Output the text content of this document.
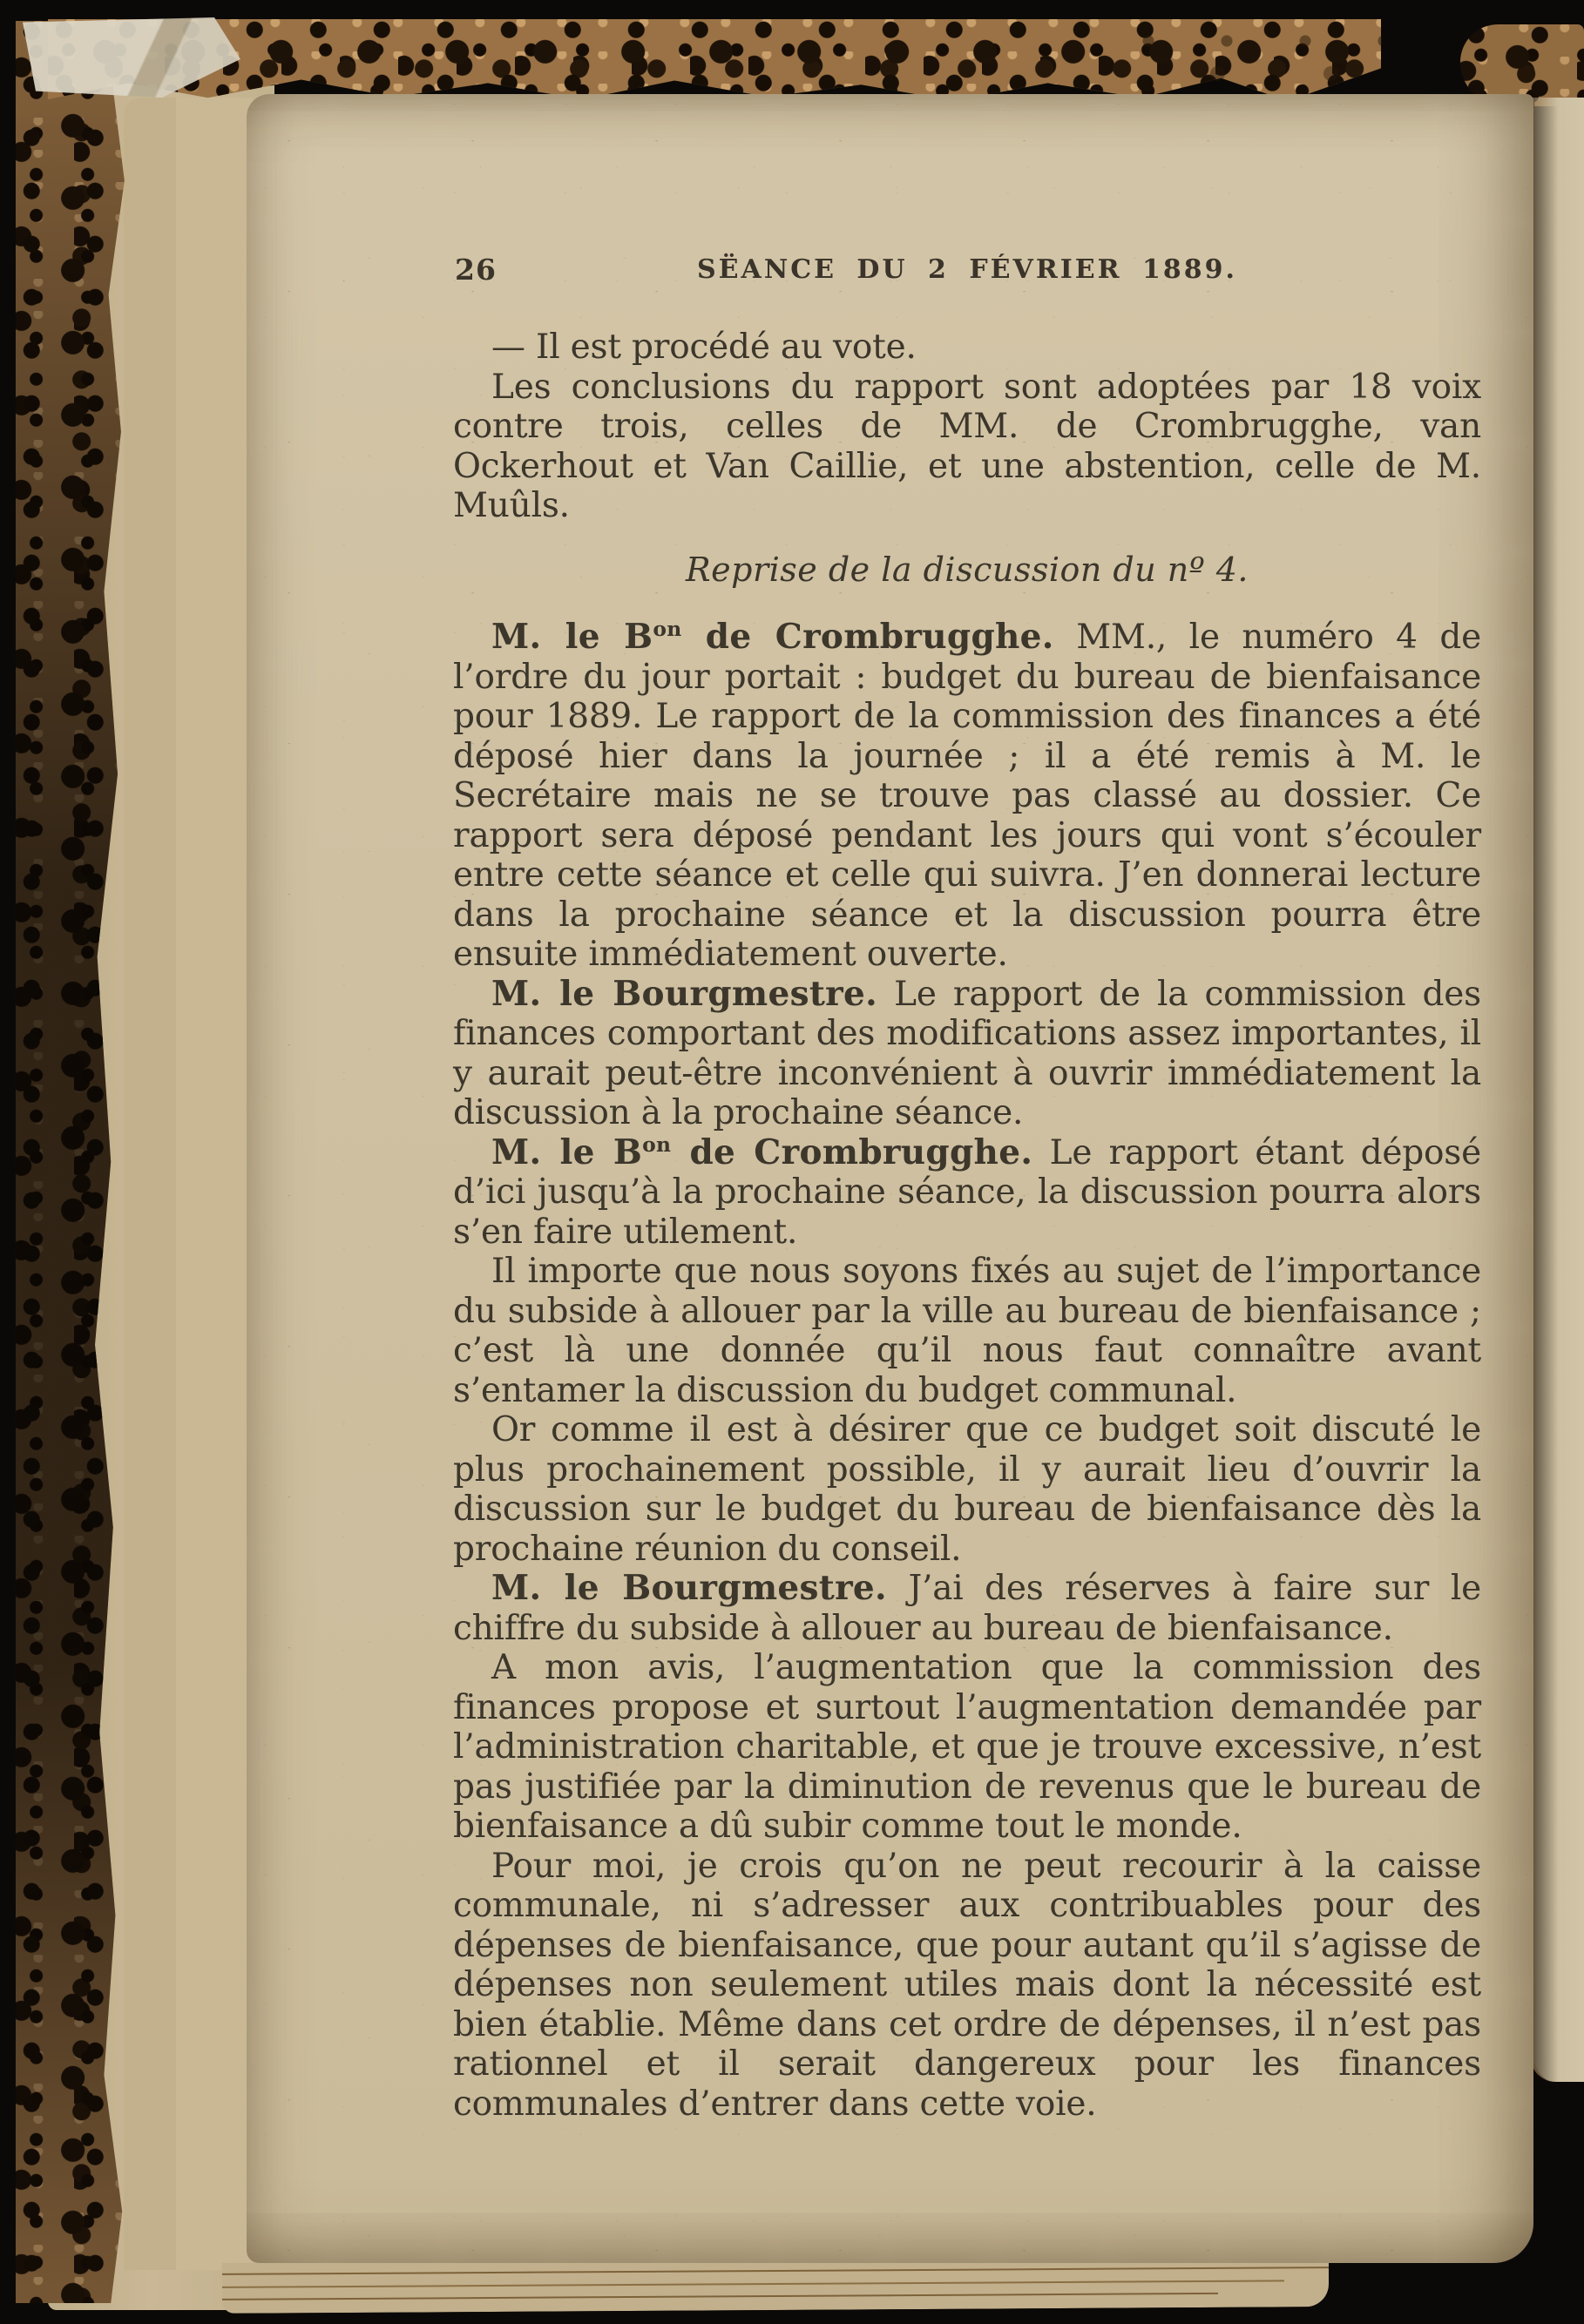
26	SËANCE DU 2 FÉVRIER 1889.

— Il est procédé au vote.

Les conclusions du rapport sont adoptées par 18 voix contre trois, celles de MM. de Crombrugghe, van Ockerhout et Van Caillie, et une abstention, celle de M. Muûls.

Reprise de la discussion du nº 4.

M. le $B^{on}$ de Crombrugghe. MM., le numéro 4 de l’ordre du jour portait : budget du bureau de bienfaisance pour 1889. Le rapport de la commission des finances a été déposé hier dans la journée ; il a été remis à M. le Secrétaire mais ne se trouve pas classé au dossier. Ce rapport sera déposé pendant les jours qui vont s’écouler entre cette séance et celle qui suivra. J’en donnerai lecture dans la prochaine séance et la discussion pourra être ensuite immédiatement ouverte.

M. le Bourgmestre. Le rapport de la commission des finances comportant des modifications assez importantes, il y aurait peut-être inconvénient à ouvrir immédiatement la discussion à la prochaine séance.

M. le $B^{on}$ de Crombrugghe. Le rapport étant déposé d’ici jusqu’à la prochaine séance, la discussion pourra alors s’en faire utilement.

Il importe que nous soyons fixés au sujet de l’importance du subside à allouer par la ville au bureau de bienfaisance ; c’est là une donnée qu’il nous faut connaître avant s’entamer la discussion du budget communal.

Or comme il est à désirer que ce budget soit discuté le plus prochainement possible, il y aurait lieu d’ouvrir la discussion sur le budget du bureau de bienfaisance dès la prochaine réunion du conseil.

M. le Bourgmestre. J’ai des réserves à faire sur le chiffre du subside à allouer au bureau de bienfaisance.

A mon avis, l’augmentation que la commission des finances propose et surtout l’augmentation demandée par l’administration charitable, et que je trouve excessive, n’est pas justifiée par la diminution de revenus que le bureau de bienfaisance a dû subir comme tout le monde.

Pour moi, je crois qu’on ne peut recourir à la caisse communale, ni s’adresser aux contribuables pour des dépenses de bienfaisance, que pour autant qu’il s’agisse de dépenses non seulement utiles mais dont la nécessité est bien établie. Même dans cet ordre de dépenses, il n’est pas rationnel et il serait dangereux pour les finances communales d’entrer dans cette voie.
